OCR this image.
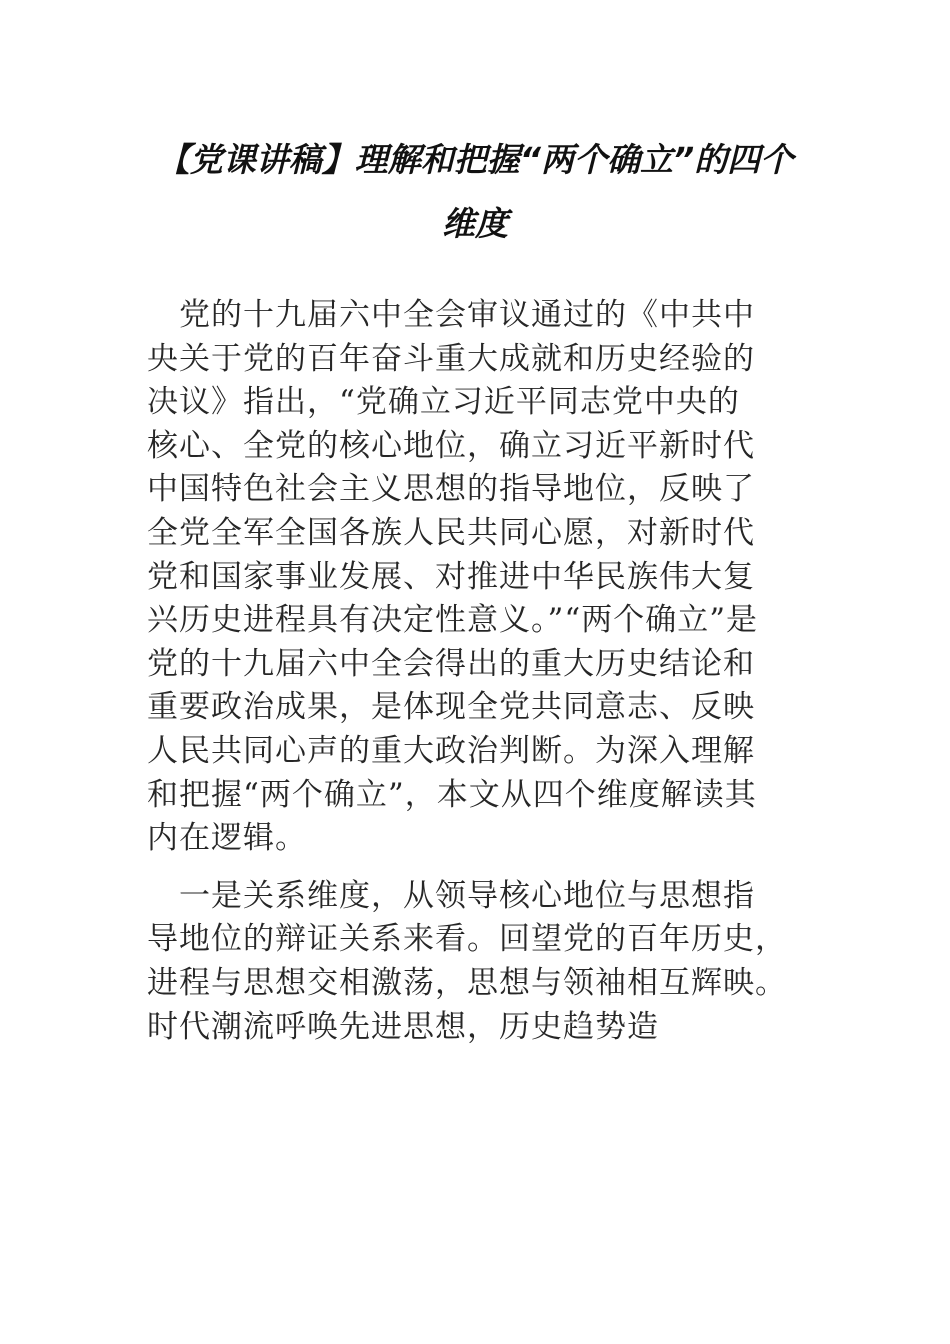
【党课讲稿】理解和把握“两个确立”的四个
维度
　党的十九届六中全会审议通过的《中共中
央关于党的百年奋斗重大成就和历史经验的
决议》指出，“党确立习近平同志党中央的
核心、全党的核心地位，确立习近平新时代
中国特色社会主义思想的指导地位，反映了
全党全军全国各族人民共同心愿，对新时代
党和国家事业发展、对推进中华民族伟大复
兴历史进程具有决定性意义。”“两个确立”是
党的十九届六中全会得出的重大历史结论和
重要政治成果，是体现全党共同意志、反映
人民共同心声的重大政治判断。为深入理解
和把握“两个确立”，本文从四个维度解读其
内在逻辑。
　一是关系维度，从领导核心地位与思想指
导地位的辩证关系来看。回望党的百年历史，
进程与思想交相激荡，思想与领袖相互辉映。
时代潮流呼唤先进思想，历史趋势造
